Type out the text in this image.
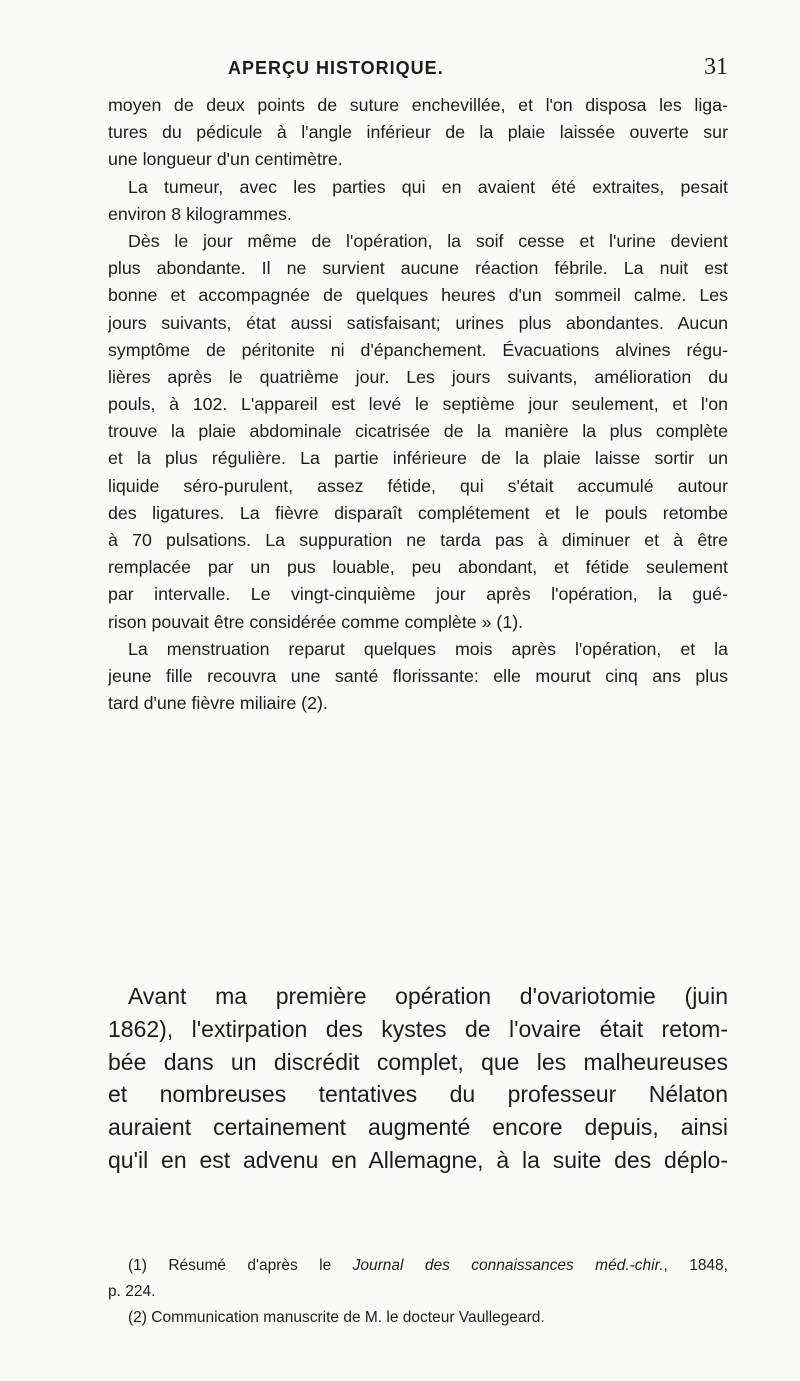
APERÇU HISTORIQUE.	31
moyen de deux points de suture enchevillée, et l'on disposa les liga-
tures du pédicule à l'angle inférieur de la plaie laissée ouverte sur
une longueur d'un centimètre.
La tumeur, avec les parties qui en avaient été extraites, pesait
environ 8 kilogrammes.
Dès le jour même de l'opération, la soif cesse et l'urine devient
plus abondante. Il ne survient aucune réaction fébrile. La nuit est
bonne et accompagnée de quelques heures d'un sommeil calme. Les
jours suivants, état aussi satisfaisant; urines plus abondantes. Aucun
symptôme de péritonite ni d'épanchement. Évacuations alvines régu-
lières après le quatrième jour. Les jours suivants, amélioration du
pouls, à 102. L'appareil est levé le septième jour seulement, et l'on
trouve la plaie abdominale cicatrisée de la manière la plus complète
et la plus régulière. La partie inférieure de la plaie laisse sortir un
liquide séro-purulent, assez fétide, qui s'était accumulé autour
des ligatures. La fièvre disparaît complétement et le pouls retombe
à 70 pulsations. La suppuration ne tarda pas à diminuer et à être
remplacée par un pus louable, peu abondant, et fétide seulement
par intervalle. Le vingt-cinquième jour après l'opération, la gué-
rison pouvait être considérée comme complète » (1).
La menstruation reparut quelques mois après l'opération, et la
jeune fille recouvra une santé florissante: elle mourut cinq ans plus
tard d'une fièvre miliaire (2).
Avant ma première opération d'ovariotomie (juin
1862), l'extirpation des kystes de l'ovaire était retom-
bée dans un discrédit complet, que les malheureuses
et nombreuses tentatives du professeur Nélaton
auraient certainement augmenté encore depuis, ainsi
qu'il en est advenu en Allemagne, à la suite des déplo-
(1) Résumé d'après le Journal des connaissances méd.-chir., 1848,
p. 224.
(2) Communication manuscrite de M. le docteur Vaullegeard.
